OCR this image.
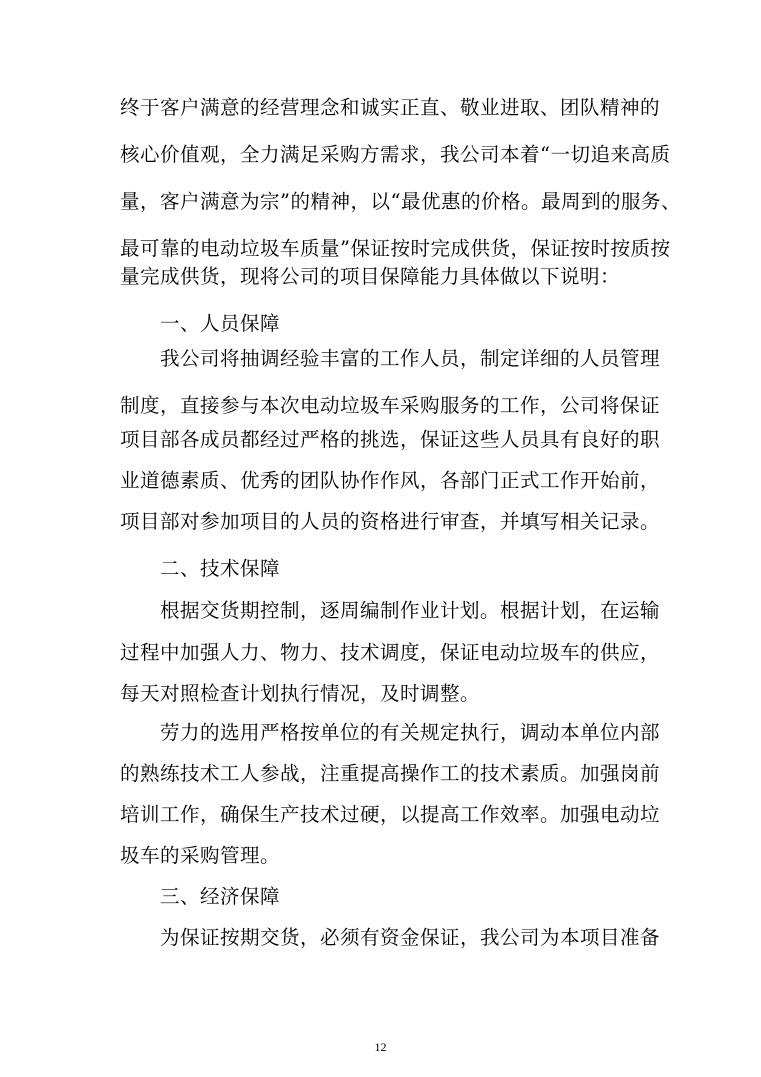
终于客户满意的经营理念和诚实正直、敬业进取、团队精神的
核心价值观，全力满足采购方需求，我公司本着“一切追来高质
量，客户满意为宗”的精神，以“最优惠的价格。最周到的服务、
最可靠的电动垃圾车质量”保证按时完成供货，保证按时按质按
量完成供货，现将公司的项目保障能力具体做以下说明：
一、人员保障
我公司将抽调经验丰富的工作人员，制定详细的人员管理
制度，直接参与本次电动垃圾车采购服务的工作，公司将保证
项目部各成员都经过严格的挑选，保证这些人员具有良好的职
业道德素质、优秀的团队协作作风，各部门正式工作开始前，
项目部对参加项目的人员的资格进行审查，并填写相关记录。
二、技术保障
根据交货期控制，逐周编制作业计划。根据计划，在运输
过程中加强人力、物力、技术调度，保证电动垃圾车的供应，
每天对照检查计划执行情况，及时调整。
劳力的选用严格按单位的有关规定执行，调动本单位内部
的熟练技术工人参战，注重提高操作工的技术素质。加强岗前
培训工作，确保生产技术过硬，以提高工作效率。加强电动垃
圾车的采购管理。
三、经济保障
为保证按期交货，必须有资金保证，我公司为本项目准备
12
